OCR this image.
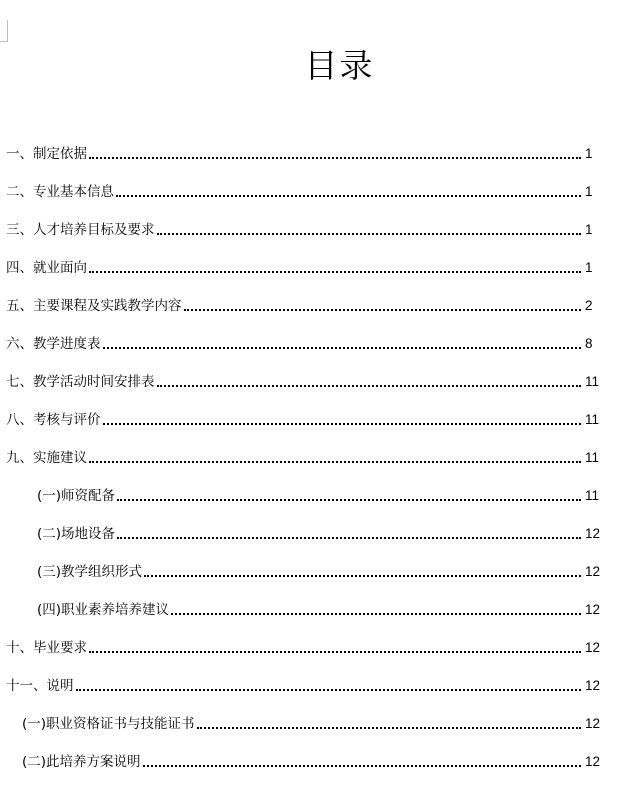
目录
一、制定依据	1
二、专业基本信息	1
三、人才培养目标及要求	1
四、就业面向	1
五、主要课程及实践教学内容	2
六、教学进度表	8
七、教学活动时间安排表	11
八、考核与评价	11
九、实施建议	11
(一)师资配备	11
(二)场地设备	12
(三)教学组织形式	12
(四)职业素养培养建议	12
十、毕业要求	12
十一、说明	12
(一)职业资格证书与技能证书	12
(二)此培养方案说明	12
